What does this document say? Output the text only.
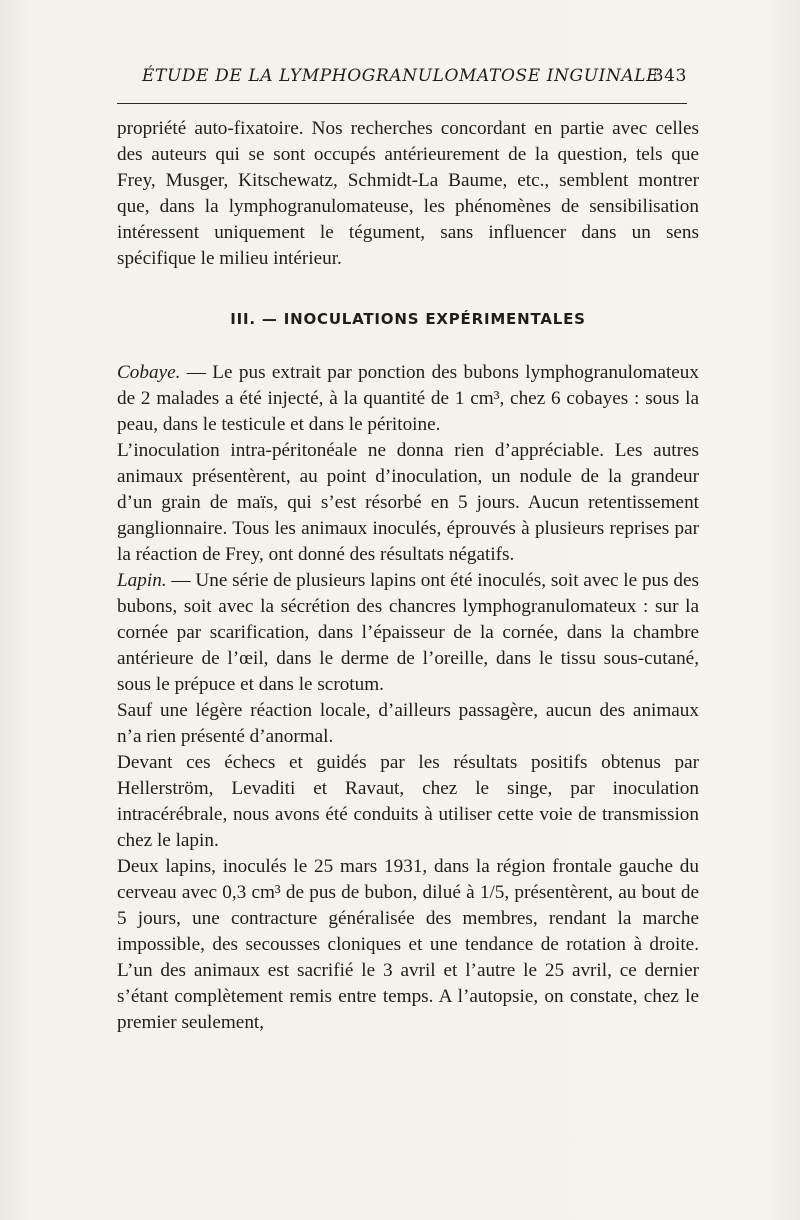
ÉTUDE DE LA LYMPHOGRANULOMATOSE INGUINALE
343

propriété auto-fixatoire. Nos recherches concordant en partie avec celles des auteurs qui se sont occupés antérieurement de la question, tels que Frey, Musger, Kitschewatz, Schmidt-La Baume, etc., semblent montrer que, dans la lymphogranulomateuse, les phénomènes de sensibilisation intéressent uniquement le tégument, sans influencer dans un sens spécifique le milieu intérieur.

III. — INOCULATIONS EXPÉRIMENTALES

Cobaye. — Le pus extrait par ponction des bubons lymphogranulomateux de 2 malades a été injecté, à la quantité de 1 cm³, chez 6 cobayes : sous la peau, dans le testicule et dans le péritoine.

L’inoculation intra-péritonéale ne donna rien d’appréciable. Les autres animaux présentèrent, au point d’inoculation, un nodule de la grandeur d’un grain de maïs, qui s’est résorbé en 5 jours. Aucun retentissement ganglionnaire. Tous les animaux inoculés, éprouvés à plusieurs reprises par la réaction de Frey, ont donné des résultats négatifs.

Lapin. — Une série de plusieurs lapins ont été inoculés, soit avec le pus des bubons, soit avec la sécrétion des chancres lymphogranulomateux : sur la cornée par scarification, dans l’épaisseur de la cornée, dans la chambre antérieure de l’œil, dans le derme de l’oreille, dans le tissu sous-cutané, sous le prépuce et dans le scrotum.

Sauf une légère réaction locale, d’ailleurs passagère, aucun des animaux n’a rien présenté d’anormal.

Devant ces échecs et guidés par les résultats positifs obtenus par Hellerström, Levaditi et Ravaut, chez le singe, par inoculation intracérébrale, nous avons été conduits à utiliser cette voie de transmission chez le lapin.

Deux lapins, inoculés le 25 mars 1931, dans la région frontale gauche du cerveau avec 0,3 cm³ de pus de bubon, dilué à 1/5, présentèrent, au bout de 5 jours, une contracture généralisée des membres, rendant la marche impossible, des secousses cloniques et une tendance de rotation à droite. L’un des animaux est sacrifié le 3 avril et l’autre le 25 avril, ce dernier s’étant complètement remis entre temps. A l’autopsie, on constate, chez le premier seulement,
